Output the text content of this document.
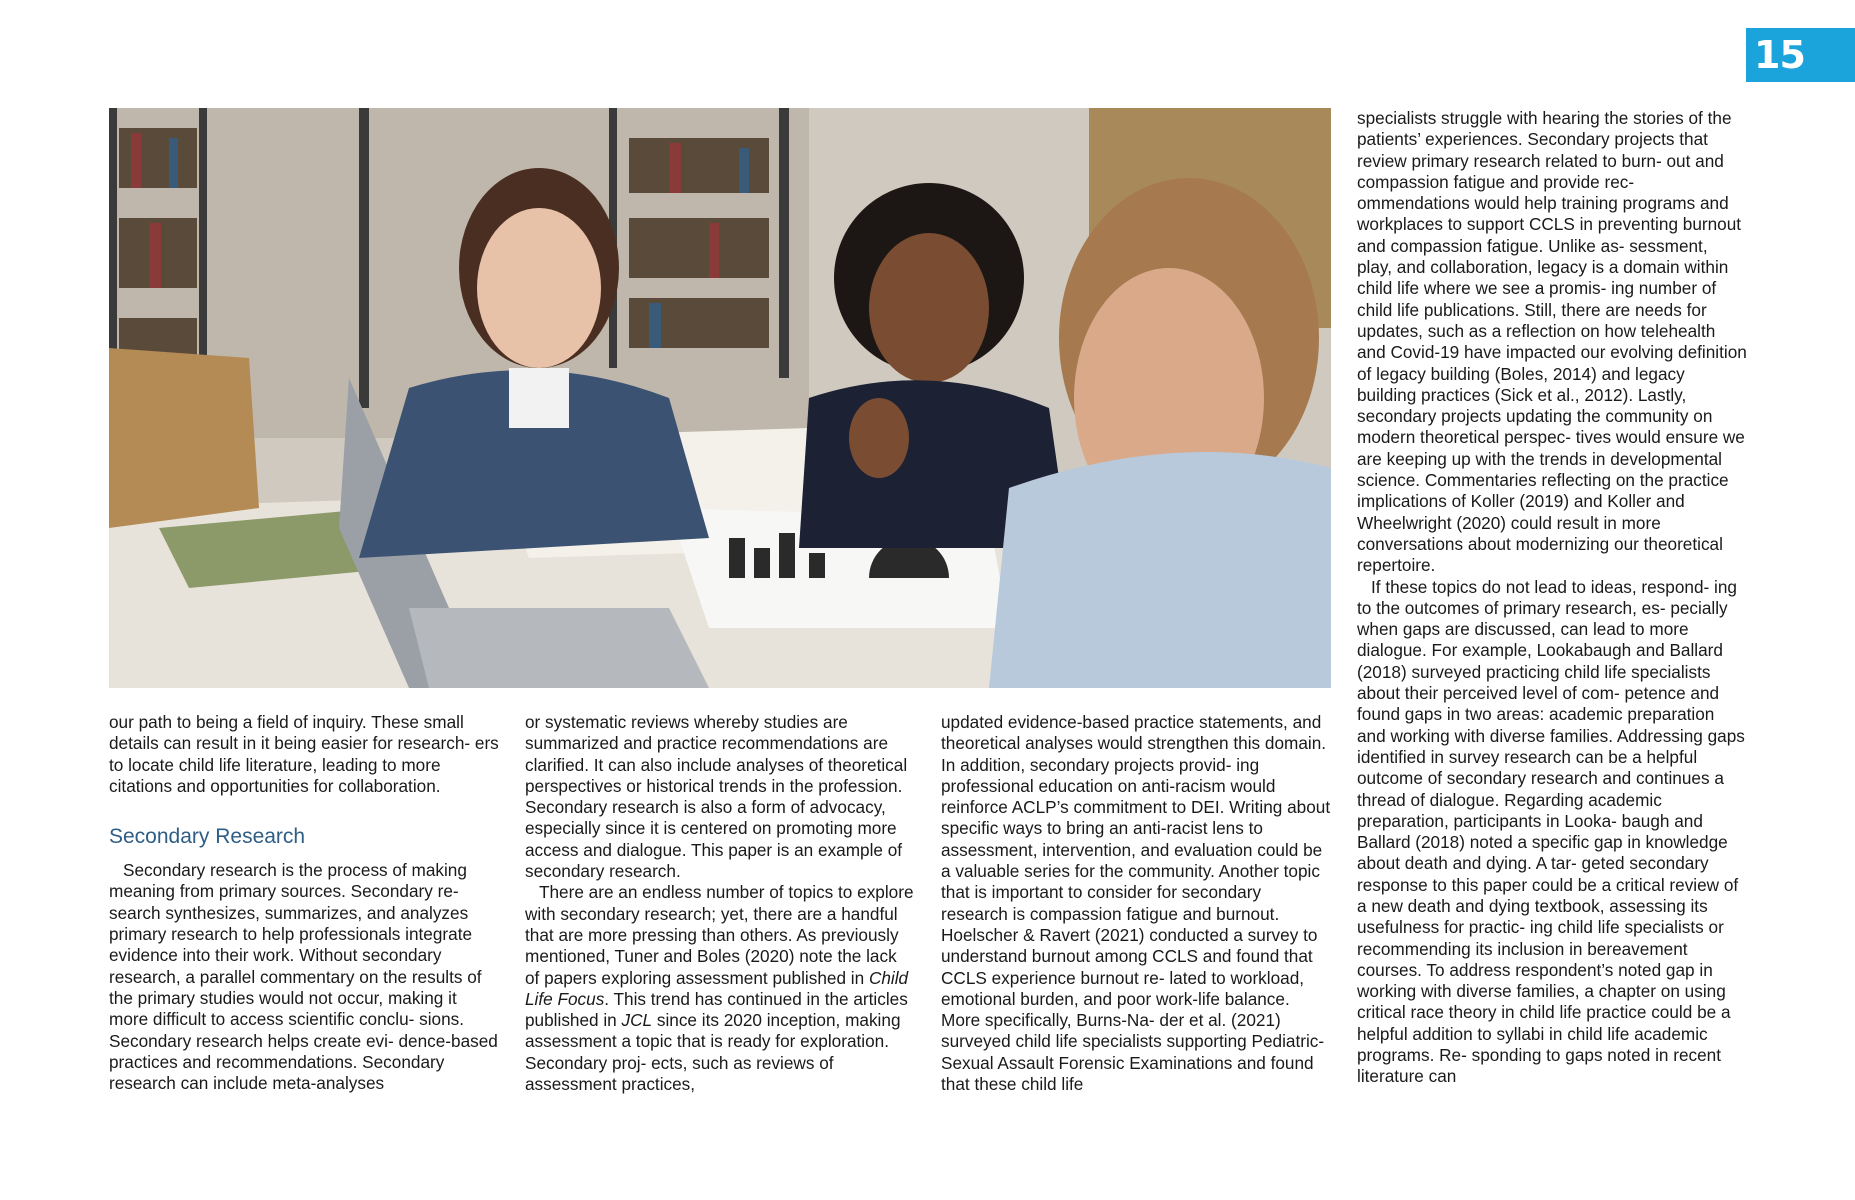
15

our path to being a field of inquiry. These small details can result in it being easier for research- ers to locate child life literature, leading to more citations and opportunities for collaboration.

Secondary Research

Secondary research is the process of making meaning from primary sources. Secondary re- search synthesizes, summarizes, and analyzes primary research to help professionals integrate evidence into their work. Without secondary research, a parallel commentary on the results of the primary studies would not occur, making it more difficult to access scientific conclu- sions. Secondary research helps create evi- dence-based practices and recommendations. Secondary research can include meta-analyses

or systematic reviews whereby studies are summarized and practice recommendations are clarified. It can also include analyses of theoretical perspectives or historical trends in the profession. Secondary research is also a form of advocacy, especially since it is centered on promoting more access and dialogue. This paper is an example of secondary research.

There are an endless number of topics to explore with secondary research; yet, there are a handful that are more pressing than others. As previously mentioned, Tuner and Boles (2020) note the lack of papers exploring assessment published in Child Life Focus. This trend has continued in the articles published in JCL since its 2020 inception, making assessment a topic that is ready for exploration. Secondary proj- ects, such as reviews of assessment practices,

updated evidence-based practice statements, and theoretical analyses would strengthen this domain. In addition, secondary projects provid- ing professional education on anti-racism would reinforce ACLP’s commitment to DEI. Writing about specific ways to bring an anti-racist lens to assessment, intervention, and evaluation could be a valuable series for the community. Another topic that is important to consider for secondary research is compassion fatigue and burnout. Hoelscher & Ravert (2021) conducted a survey to understand burnout among CCLS and found that CCLS experience burnout re- lated to workload, emotional burden, and poor work-life balance. More specifically, Burns-Na- der et al. (2021) surveyed child life specialists supporting Pediatric-Sexual Assault Forensic Examinations and found that these child life

specialists struggle with hearing the stories of the patients’ experiences. Secondary projects that review primary research related to burn- out and compassion fatigue and provide rec- ommendations would help training programs and workplaces to support CCLS in preventing burnout and compassion fatigue. Unlike as- sessment, play, and collaboration, legacy is a domain within child life where we see a promis- ing number of child life publications. Still, there are needs for updates, such as a reflection on how telehealth and Covid-19 have impacted our evolving definition of legacy building (Boles, 2014) and legacy building practices (Sick et al., 2012). Lastly, secondary projects updating the community on modern theoretical perspec- tives would ensure we are keeping up with the trends in developmental science. Commentaries reflecting on the practice implications of Koller (2019) and Koller and Wheelwright (2020) could result in more conversations about modernizing our theoretical repertoire.

If these topics do not lead to ideas, respond- ing to the outcomes of primary research, es- pecially when gaps are discussed, can lead to more dialogue. For example, Lookabaugh and Ballard (2018) surveyed practicing child life specialists about their perceived level of com- petence and found gaps in two areas: academic preparation and working with diverse families. Addressing gaps identified in survey research can be a helpful outcome of secondary research and continues a thread of dialogue. Regarding academic preparation, participants in Looka- baugh and Ballard (2018) noted a specific gap in knowledge about death and dying. A tar- geted secondary response to this paper could be a critical review of a new death and dying textbook, assessing its usefulness for practic- ing child life specialists or recommending its inclusion in bereavement courses. To address respondent’s noted gap in working with diverse families, a chapter on using critical race theory in child life practice could be a helpful addition to syllabi in child life academic programs. Re- sponding to gaps noted in recent literature can
